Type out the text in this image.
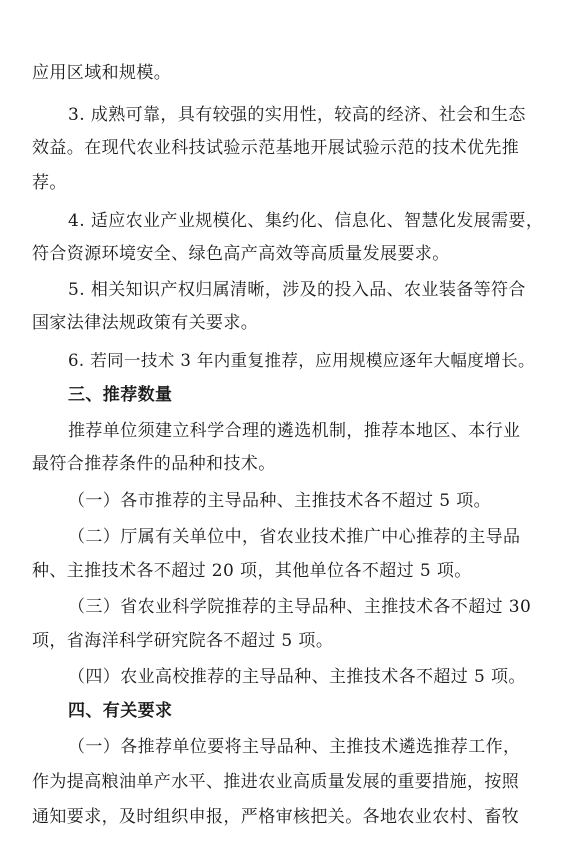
应用区域和规模。
3. 成熟可靠，具有较强的实用性，较高的经济、社会和生态
效益。在现代农业科技试验示范基地开展试验示范的技术优先推
荐。
4. 适应农业产业规模化、集约化、信息化、智慧化发展需要，
符合资源环境安全、绿色高产高效等高质量发展要求。
5. 相关知识产权归属清晰，涉及的投入品、农业装备等符合
国家法律法规政策有关要求。
6. 若同一技术 3 年内重复推荐，应用规模应逐年大幅度增长。
三、推荐数量
推荐单位须建立科学合理的遴选机制，推荐本地区、本行业
最符合推荐条件的品种和技术。
（一）各市推荐的主导品种、主推技术各不超过 5 项。
（二）厅属有关单位中，省农业技术推广中心推荐的主导品
种、主推技术各不超过 20 项，其他单位各不超过 5 项。
（三）省农业科学院推荐的主导品种、主推技术各不超过 30
项，省海洋科学研究院各不超过 5 项。
（四）农业高校推荐的主导品种、主推技术各不超过 5 项。
四、有关要求
（一）各推荐单位要将主导品种、主推技术遴选推荐工作，
作为提高粮油单产水平、推进农业高质量发展的重要措施，按照
通知要求，及时组织申报，严格审核把关。各地农业农村、畜牧
